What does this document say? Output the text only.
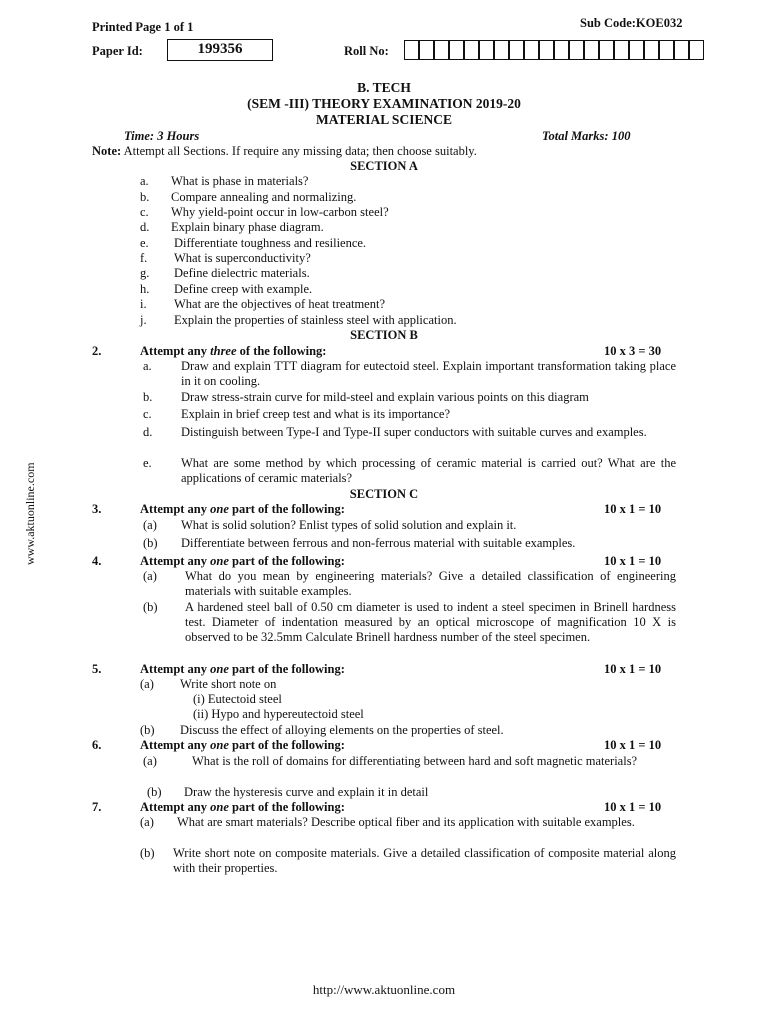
Printed Page 1 of 1	Sub Code:KOE032
Paper Id:	199356	Roll No:
B. TECH
(SEM -III) THEORY EXAMINATION 2019-20
MATERIAL SCIENCE
Time: 3 Hours	Total Marks: 100
Note: Attempt all Sections. If require any missing data; then choose suitably.
SECTION A
a. What is phase in materials?
b. Compare annealing and normalizing.
c. Why yield-point occur in low-carbon steel?
d. Explain binary phase diagram.
e. Differentiate toughness and resilience.
f. What is superconductivity?
g. Define dielectric materials.
h. Define creep with example.
i. What are the objectives of heat treatment?
j. Explain the properties of stainless steel with application.
SECTION B
2.	Attempt any three of the following:	10 x 3 = 30
a. Draw and explain TTT diagram for eutectoid steel. Explain important transformation taking place in it on cooling.
b. Draw stress-strain curve for mild-steel and explain various points on this diagram
c. Explain in brief creep test and what is its importance?
d. Distinguish between Type-I and Type-II super conductors with suitable curves and examples.
e. What are some method by which processing of ceramic material is carried out? What are the applications of ceramic materials?
SECTION C
3.	Attempt any one part of the following:	10 x 1 = 10
(a) What is solid solution? Enlist types of solid solution and explain it.
(b) Differentiate between ferrous and non-ferrous material with suitable examples.
4.	Attempt any one part of the following:	10 x 1 = 10
(a) What do you mean by engineering materials? Give a detailed classification of engineering materials with suitable examples.
(b) A hardened steel ball of 0.50 cm diameter is used to indent a steel specimen in Brinell hardness test. Diameter of indentation measured by an optical microscope of magnification 10 X is observed to be 32.5mm Calculate Brinell hardness number of the steel specimen.
5.	Attempt any one part of the following:	10 x 1 = 10
(a) Write short note on
(i) Eutectoid steel
(ii) Hypo and hypereutectoid steel
(b) Discuss the effect of alloying elements on the properties of steel.
6.	Attempt any one part of the following:	10 x 1 = 10
(a)	What is the roll of domains for differentiating between hard and soft magnetic materials?
(b) Draw the hysteresis curve and explain it in detail
7.	Attempt any one part of the following:	10 x 1 = 10
(a) What are smart materials? Describe optical fiber and its application with suitable examples.
(b) Write short note on composite materials. Give a detailed classification of composite material along with their properties.
http://www.aktuonline.com
www.aktuonline.com
